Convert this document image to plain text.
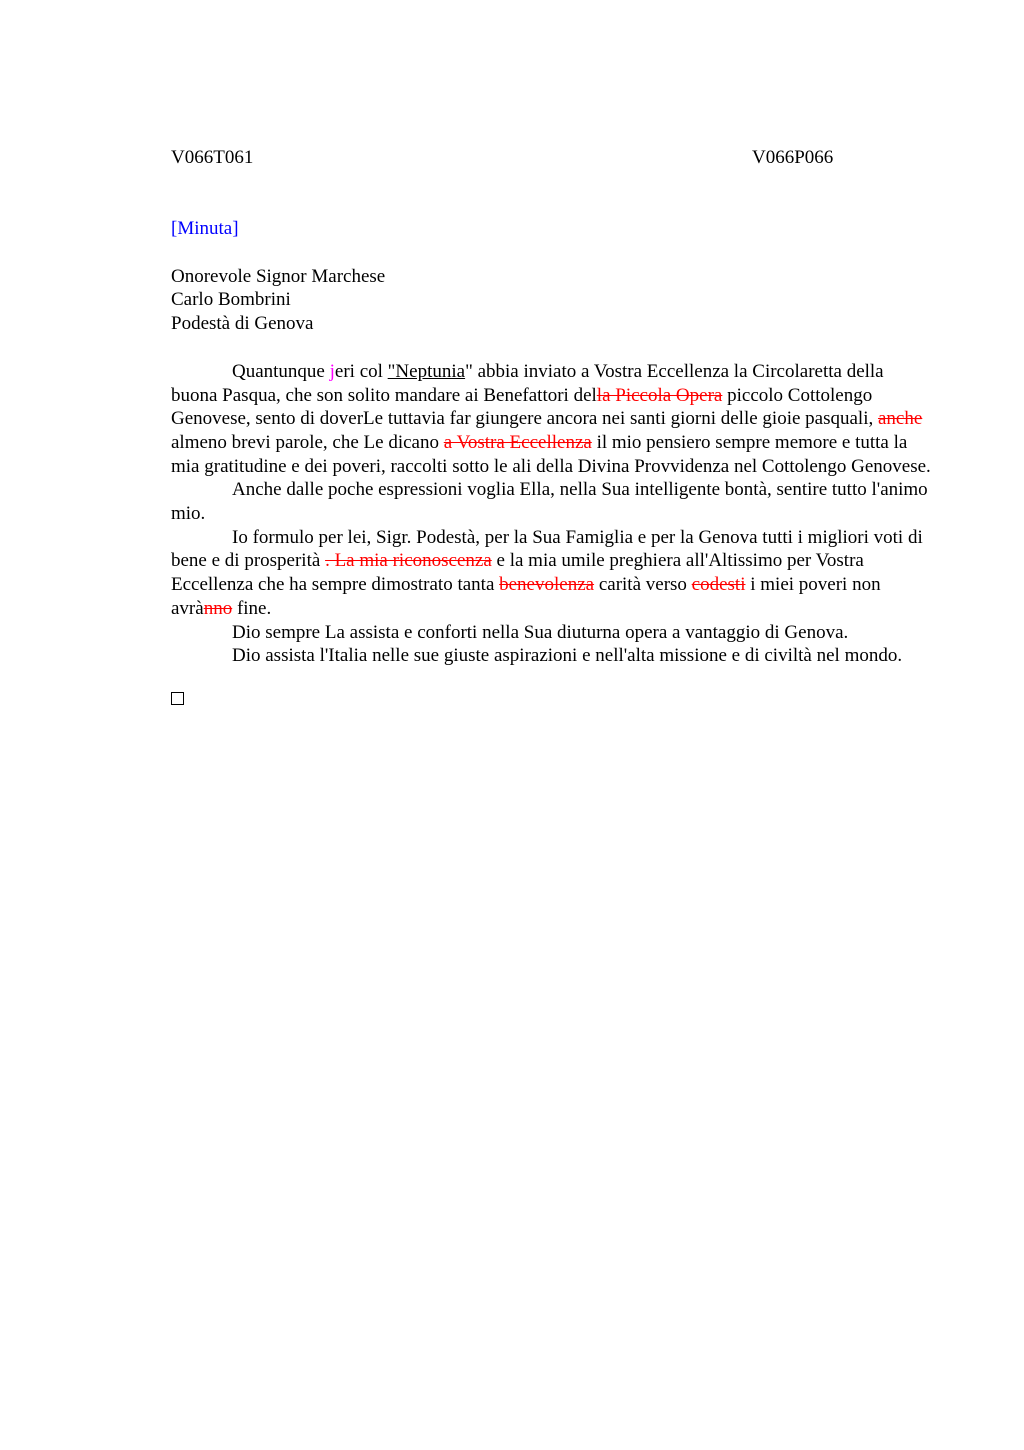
V066T061	V066P066
[Minuta]
Onorevole Signor Marchese
Carlo Bombrini
Podestà di Genova

Quantunque jeri col "Neptunia" abbia inviato a Vostra Eccellenza la Circolaretta della buona Pasqua, che son solito mandare ai Benefattori della Piccola Opera piccolo Cottolengo Genovese, sento di doverLe tuttavia far giungere ancora nei santi giorni delle gioie pasquali, anche almeno brevi parole, che Le dicano a Vostra Eccellenza il mio pensiero sempre memore e tutta la mia gratitudine e dei poveri, raccolti sotto le ali della Divina Provvidenza nel Cottolengo Genovese.

Anche dalle poche espressioni voglia Ella, nella Sua intelligente bontà, sentire tutto l'animo mio.

Io formulo per lei, Sigr. Podestà, per la Sua Famiglia e per la Genova tutti i migliori voti di bene e di prosperità . La mia riconoscenza e la mia umile preghiera all'Altissimo per Vostra Eccellenza che ha sempre dimostrato tanta benevolenza carità verso codesti i miei poveri non avrànno fine.

Dio sempre La assista e conforti nella Sua diuturna opera a vantaggio di Genova.

Dio assista l'Italia nelle sue giuste aspirazioni e nell'alta missione e di civiltà nel mondo.
